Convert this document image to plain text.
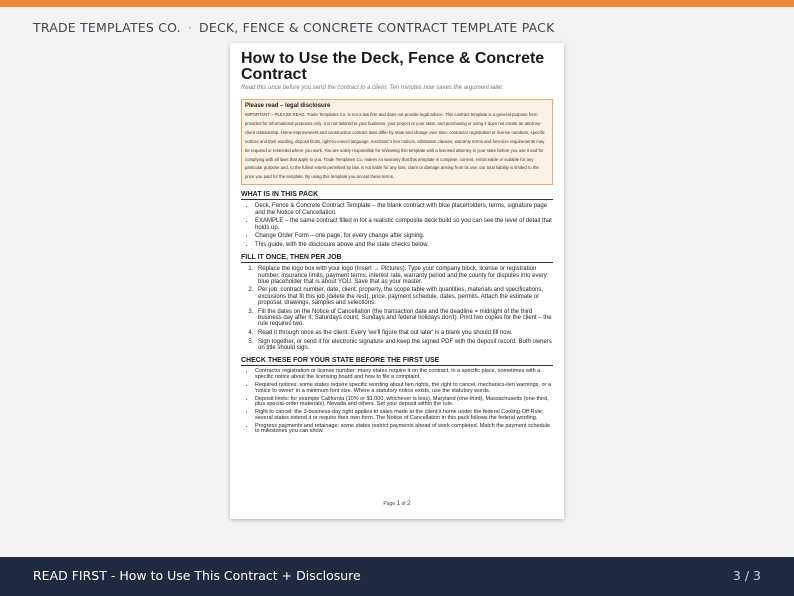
TRADE TEMPLATES CO. · DECK, FENCE & CONCRETE CONTRACT TEMPLATE PACK
How to Use the Deck, Fence & Concrete Contract
Read this once before you send the contract to a client. Ten minutes now saves the argument later.
Please read – legal disclosure
IMPORTANT – PLEASE READ. Trade Templates Co. is not a law firm and does not provide legal advice. This contract template is a general-purpose form provided for informational purposes only. It is not tailored to your business, your project or your state, and purchasing or using it does not create an attorney-client relationship. Home-improvement and construction contract laws differ by state and change over time: contractor registration or license numbers, specific notices and their wording, deposit limits, right-to-cancel language, mechanic's lien notices, arbitration clauses, warranty terms and font-size requirements may be required or restricted where you work. You are solely responsible for reviewing this template with a licensed attorney in your state before you use it and for complying with all laws that apply to you. Trade Templates Co. makes no warranty that this template is complete, current, enforceable or suitable for any particular purpose and, to the fullest extent permitted by law, is not liable for any loss, claim or damage arising from its use; our total liability is limited to the price you paid for the template. By using this template you accept these terms.
WHAT IS IN THIS PACK
• Deck, Fence & Concrete Contract Template – the blank contract with blue placeholders, terms, signature page and the Notice of Cancellation.
• EXAMPLE – the same contract filled in for a realistic composite deck build so you can see the level of detail that holds up.
• Change Order Form – one page, for every change after signing.
• This guide, with the disclosure above and the state checks below.
FILL IT ONCE, THEN PER JOB
1. Replace the logo box with your logo (Insert → Pictures). Type your company block, license or registration number, insurance limits, payment terms, interest rate, warranty period and the county for disputes into every blue placeholder that is about YOU. Save that as your master.
2. Per job: contract number, date, client, property, the scope table with quantities, materials and specifications, exclusions that fit this job (delete the rest), price, payment schedule, dates, permits. Attach the estimate or proposal, drawings, samples and selections.
3. Fill the dates on the Notice of Cancellation (the transaction date and the deadline = midnight of the third business day after it; Saturdays count, Sundays and federal holidays don't). Print two copies for the client – the rule requires two.
4. Read it through once as the client. Every 'we'll figure that out later' is a blank you should fill now.
5. Sign together, or send it for electronic signature and keep the signed PDF with the deposit record. Both owners on title should sign.
CHECK THESE FOR YOUR STATE BEFORE THE FIRST USE
• Contractor registration or license number: many states require it on the contract, in a specific place, sometimes with a specific notice about the licensing board and how to file a complaint.
• Required notices: some states require specific wording about lien rights, the right to cancel, mechanics-lien warnings, or a 'notice to owner' in a minimum font size. Where a statutory notice exists, use the statutory words.
• Deposit limits: for example California (10% or $1,000, whichever is less), Maryland (one-third), Massachusetts (one-third, plus special-order materials), Nevada and others. Set your deposit within the rule.
• Right to cancel: the 3-business-day right applies to sales made at the client's home under the federal Cooling-Off Rule; several states extend it or require their own form. The Notice of Cancellation in this pack follows the federal wording.
• Progress payments and retainage: some states restrict payments ahead of work completed. Match the payment schedule to milestones you can show.
Page 1 of 2
READ FIRST - How to Use This Contract + Disclosure	3 / 3
